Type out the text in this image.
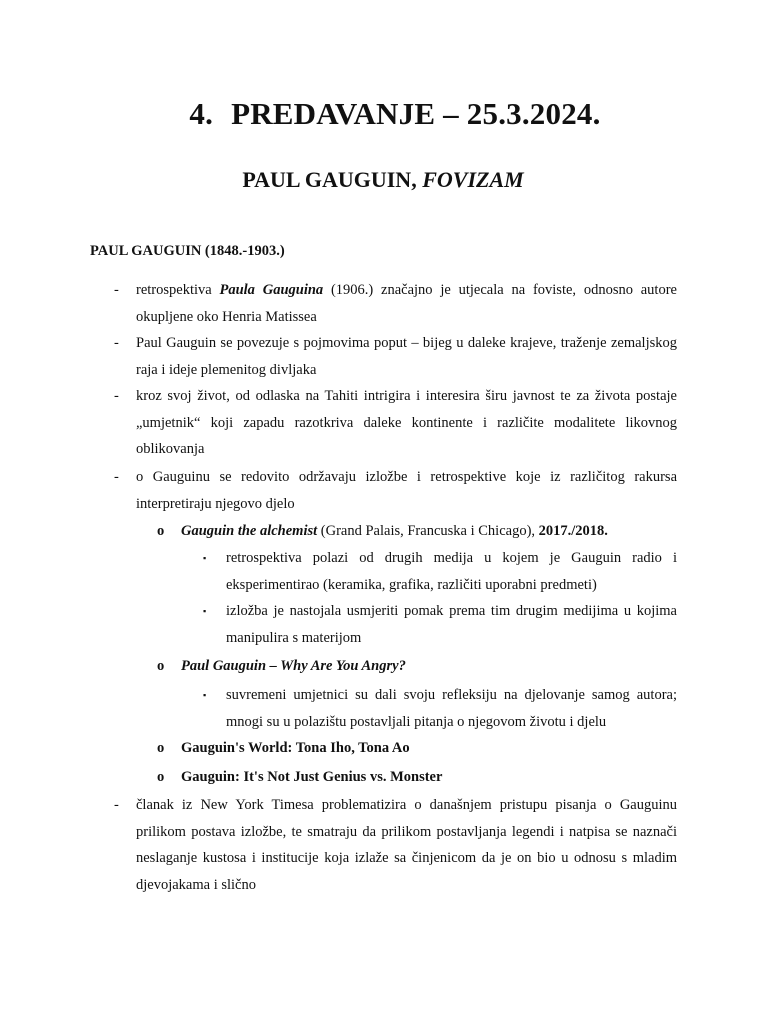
4. PREDAVANJE – 25.3.2024.
PAUL GAUGUIN, FOVIZAM
PAUL GAUGUIN (1848.-1903.)
- retrospektiva Paula Gauguina (1906.) značajno je utjecala na foviste, odnosno autore okupljene oko Henria Matissea
- Paul Gauguin se povezuje s pojmovima poput – bijeg u daleke krajeve, traženje zemaljskog raja i ideje plemenitog divljaka
- kroz svoj život, od odlaska na Tahiti intrigira i interesira širu javnost te za života postaje „umjetnik“ koji zapadu razotkriva daleke kontinente i različite modalitete likovnog oblikovanja
- o Gauguinu se redovito održavaju izložbe i retrospektive koje iz različitog rakursa interpretiraju njegovo djelo
o Gauguin the alchemist (Grand Palais, Francuska i Chicago), 2017./2018.
▪ retrospektiva polazi od drugih medija u kojem je Gauguin radio i eksperimentirao (keramika, grafika, različiti uporabni predmeti)
▪ izložba je nastojala usmjeriti pomak prema tim drugim medijima u kojima manipulira s materijom
o Paul Gauguin – Why Are You Angry?
▪ suvremeni umjetnici su dali svoju refleksiju na djelovanje samog autora; mnogi su u polazištu postavljali pitanja o njegovom životu i djelu
o Gauguin's World: Tona Iho, Tona Ao
o Gauguin: It's Not Just Genius vs. Monster
- članak iz New York Timesa problematizira o današnjem pristupu pisanja o Gauguinu prilikom postava izložbe, te smatraju da prilikom postavljanja legendi i natpisa se naznači neslaganje kustosa i institucije koja izlaže sa činjenicom da je on bio u odnosu s mladim djevojakama i slično
